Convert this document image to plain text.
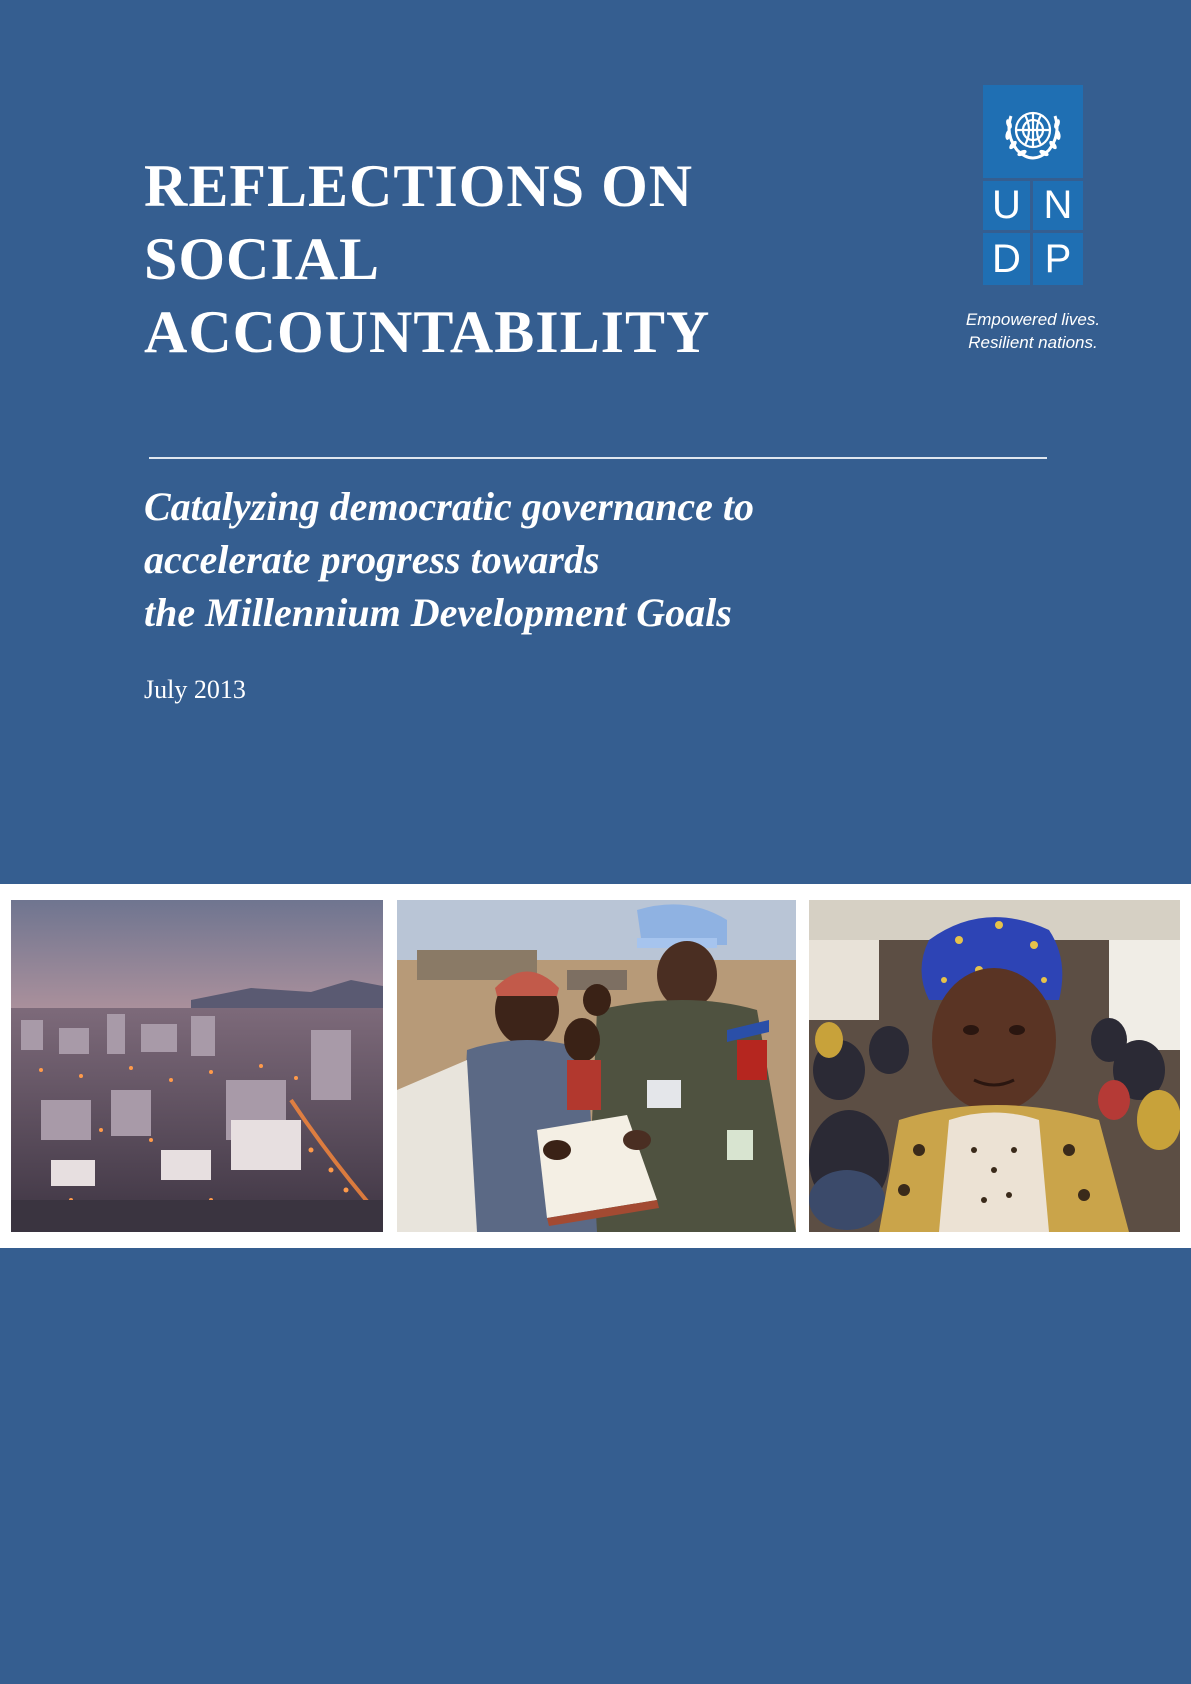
REFLECTIONS ON
SOCIAL
ACCOUNTABILITY
U N
D P
Empowered lives.
Resilient nations.
Catalyzing democratic governance to
accelerate progress towards
the Millennium Development Goals
July 2013
